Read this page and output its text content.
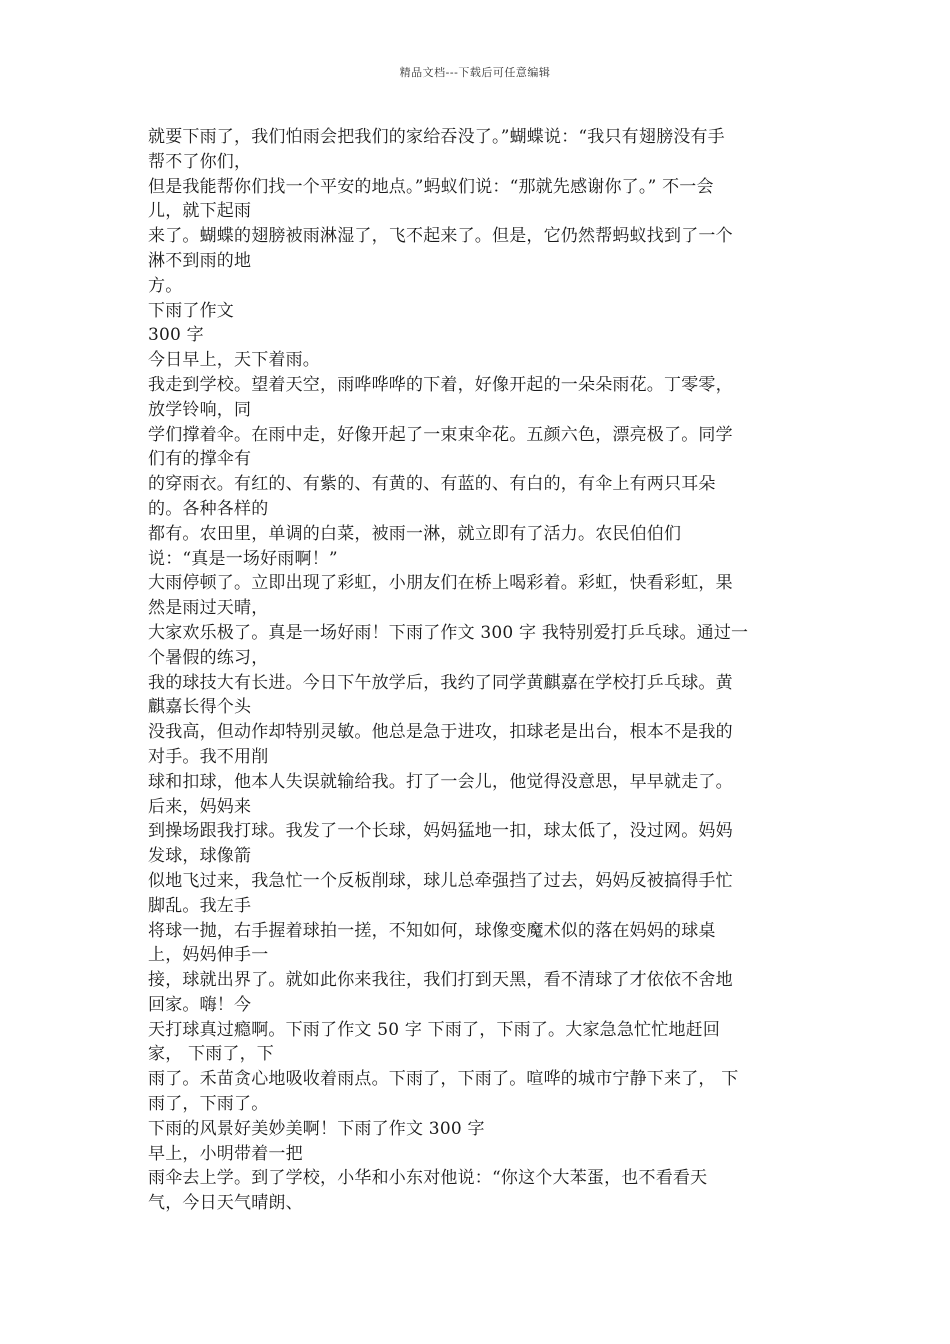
精品文档---下载后可任意编辑
就要下雨了，我们怕雨会把我们的家给吞没了。”蝴蝶说：“我只有翅膀没有手
帮不了你们，
但是我能帮你们找一个平安的地点。”蚂蚁们说：“那就先感谢你了。” 不一会
儿，就下起雨
来了。蝴蝶的翅膀被雨淋湿了，飞不起来了。但是，它仍然帮蚂蚁找到了一个
淋不到雨的地
方。
下雨了作文
300 字
今日早上，天下着雨。
我走到学校。望着天空，雨哗哗哗的下着，好像开起的一朵朵雨花。丁零零，
放学铃响，同
学们撑着伞。在雨中走，好像开起了一束束伞花。五颜六色，漂亮极了。同学
们有的撑伞有
的穿雨衣。有红的、有紫的、有黄的、有蓝的、有白的，有伞上有两只耳朵
的。各种各样的
都有。农田里，单调的白菜，被雨一淋，就立即有了活力。农民伯伯们
说：“真是一场好雨啊！”
大雨停顿了。立即出现了彩虹，小朋友们在桥上喝彩着。彩虹，快看彩虹，果
然是雨过天晴，
大家欢乐极了。真是一场好雨！下雨了作文 300 字 我特别爱打乒乓球。通过一
个暑假的练习，
我的球技大有长进。今日下午放学后，我约了同学黄麒嘉在学校打乒乓球。黄
麒嘉长得个头
没我高，但动作却特别灵敏。他总是急于进攻，扣球老是出台，根本不是我的
对手。我不用削
球和扣球，他本人失误就输给我。打了一会儿，他觉得没意思，早早就走了。
后来，妈妈来
到操场跟我打球。我发了一个长球，妈妈猛地一扣，球太低了，没过网。妈妈
发球，球像箭
似地飞过来，我急忙一个反板削球，球儿总牵强挡了过去，妈妈反被搞得手忙
脚乱。我左手
将球一抛，右手握着球拍一搓，不知如何，球像变魔术似的落在妈妈的球桌
上，妈妈伸手一
接，球就出界了。就如此你来我往，我们打到天黑，看不清球了才依依不舍地
回家。嗨！今
天打球真过瘾啊。下雨了作文 50 字 下雨了，下雨了。大家急急忙忙地赶回
家， 下雨了，下
雨了。禾苗贪心地吸收着雨点。下雨了，下雨了。喧哗的城市宁静下来了， 下
雨了，下雨了。
下雨的风景好美妙美啊！下雨了作文 300 字
早上，小明带着一把
雨伞去上学。到了学校，小华和小东对他说：“你这个大苯蛋，也不看看天
气，今日天气晴朗、
